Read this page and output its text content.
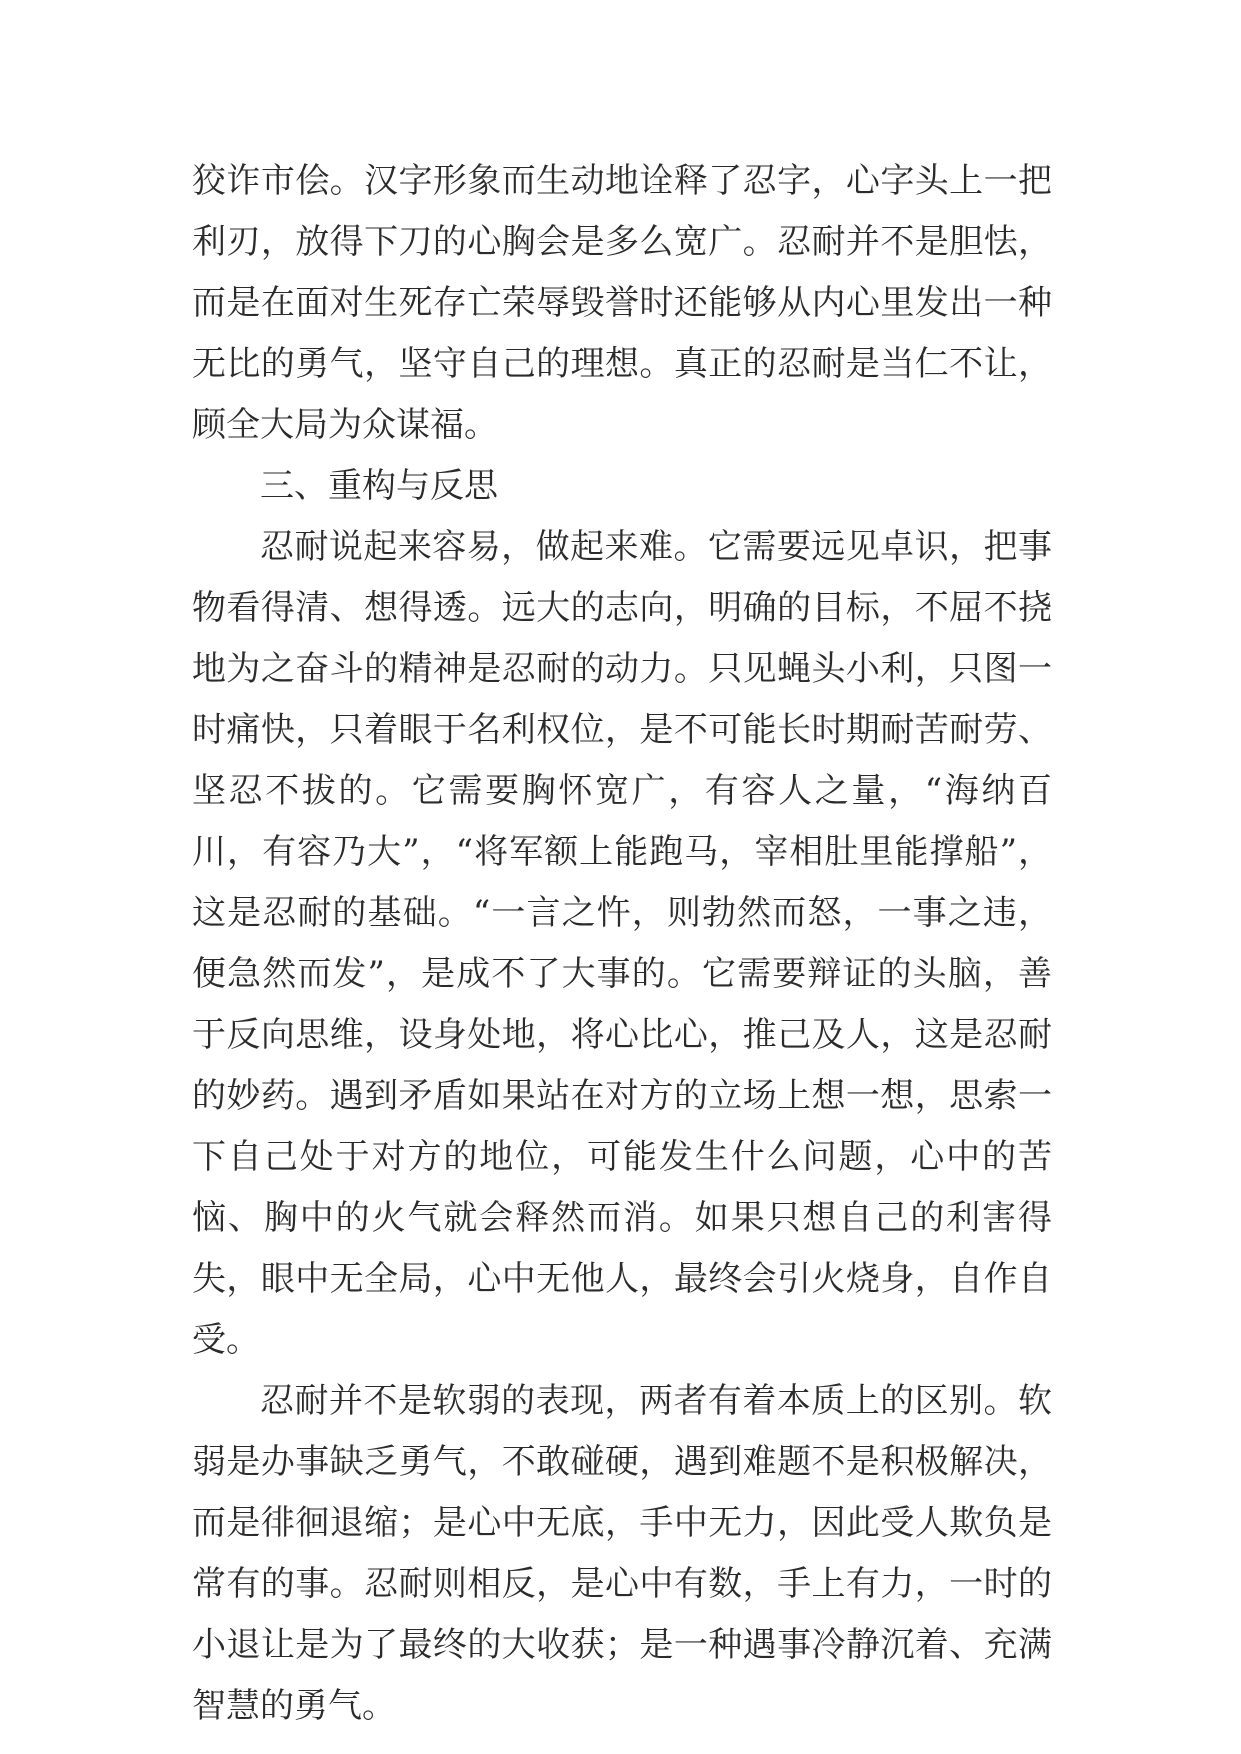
狡诈市侩。汉字形象而生动地诠释了忍字，心字头上一把利刃，放得下刀的心胸会是多么宽广。忍耐并不是胆怯，而是在面对生死存亡荣辱毁誉时还能够从内心里发出一种无比的勇气，坚守自己的理想。真正的忍耐是当仁不让，顾全大局为众谋福。

三、重构与反思

忍耐说起来容易，做起来难。它需要远见卓识，把事物看得清、想得透。远大的志向，明确的目标，不屈不挠地为之奋斗的精神是忍耐的动力。只见蝇头小利，只图一时痛快，只着眼于名利权位，是不可能长时期耐苦耐劳、坚忍不拔的。它需要胸怀宽广，有容人之量，“海纳百川，有容乃大”，“将军额上能跑马，宰相肚里能撑船”，这是忍耐的基础。“一言之忤，则勃然而怒，一事之违，便急然而发”，是成不了大事的。它需要辩证的头脑，善于反向思维，设身处地，将心比心，推己及人，这是忍耐的妙药。遇到矛盾如果站在对方的立场上想一想，思索一下自己处于对方的地位，可能发生什么问题，心中的苦恼、胸中的火气就会释然而消。如果只想自己的利害得失，眼中无全局，心中无他人，最终会引火烧身，自作自受。

忍耐并不是软弱的表现，两者有着本质上的区别。软弱是办事缺乏勇气，不敢碰硬，遇到难题不是积极解决，而是徘徊退缩；是心中无底，手中无力，因此受人欺负是常有的事。忍耐则相反，是心中有数，手上有力，一时的小退让是为了最终的大收获；是一种遇事冷静沉着、充满智慧的勇气。
